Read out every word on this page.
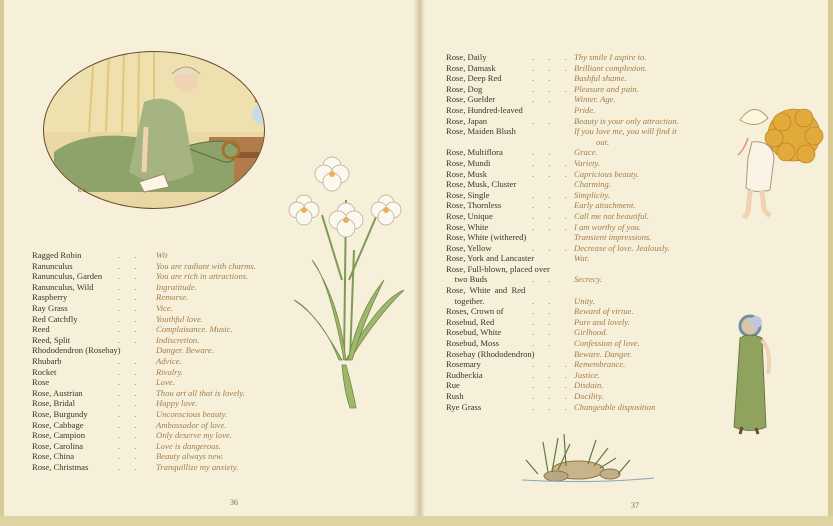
K.G
Ragged Robin	. . Wit
Ranunculus	. . You are radiant with charms.
Ranunculus, Garden . . You are rich in attractions.
Ranunculus, Wild	. . Ingratitude.
Raspberry	. . Remorse.
Ray Grass	. . Vice.
Red Catchfly	. . Youthful love.
Reed	. . Complaisance. Music.
Reed, Split	. . Indiscretion.
Rhododendron (Rosebay)	Danger. Beware.
Rhubarb	. . Advice.
Rocket	. . Rivalry.
Rose	. . Love.
Rose, Austrian	. . Thou art all that is lovely.
Rose, Bridal	. . Happy love.
Rose, Burgundy	. . Unconscious beauty.
Rose, Cabbage	. . Ambassador of love.
Rose, Campion	. . Only deserve my love.
Rose, Carolina	. . Love is dangerous.
Rose, China	. . Beauty always new.
Rose, Christmas	. . Tranquillize my anxiety.
36
Rose, Daily	. . . Thy smile I aspire to.
Rose, Damask	. . . Brilliant complexion.
Rose, Deep Red	. . Bashful shame.
Rose, Dog	. . . Pleasure and pain.
Rose, Guelder	. . Winter. Age.
Rose, Hundred-leaved	Pride.
Rose, Japan	. . Beauty is your only attraction.
Rose, Maiden Blush	If you love me, you will find it
out.
Rose, Multiflora	. . Grace.
Rose, Mundi	. . . Variety.
Rose, Musk	. . . Capricious beauty.
Rose, Musk, Cluster	Charming.
Rose, Single	. . . Simplicity.
Rose, Thornless	. . Early attachment.
Rose, Unique	. . . Call me not beautiful.
Rose, White	. . . I am worthy of you.
Rose, White (withered)	Transient impressions.
Rose, Yellow	. . . Decrease of love. Jealously.
Rose, York and Lancaster	War.
Rose, Full-blown, placed over
two Buds	. . Secrecy.
Rose,  White  and  Red
together.	. . Unity.
Roses, Crown of	. . Reward of virtue.
Rosebud, Red	. . Pure and lovely.
Rosebud, White	. . Girlhood.
Rosebud, Moss	. . Confession of love.
Rosebay (Rhododendron)	Beware. Danger.
Rosemary	. . . Remembrance.
Rudbeckia	. . . Justice.
Rue	. . . Disdain.
Rush	. . . Docility.
Rye Grass	. . . Changeable disposition
37
